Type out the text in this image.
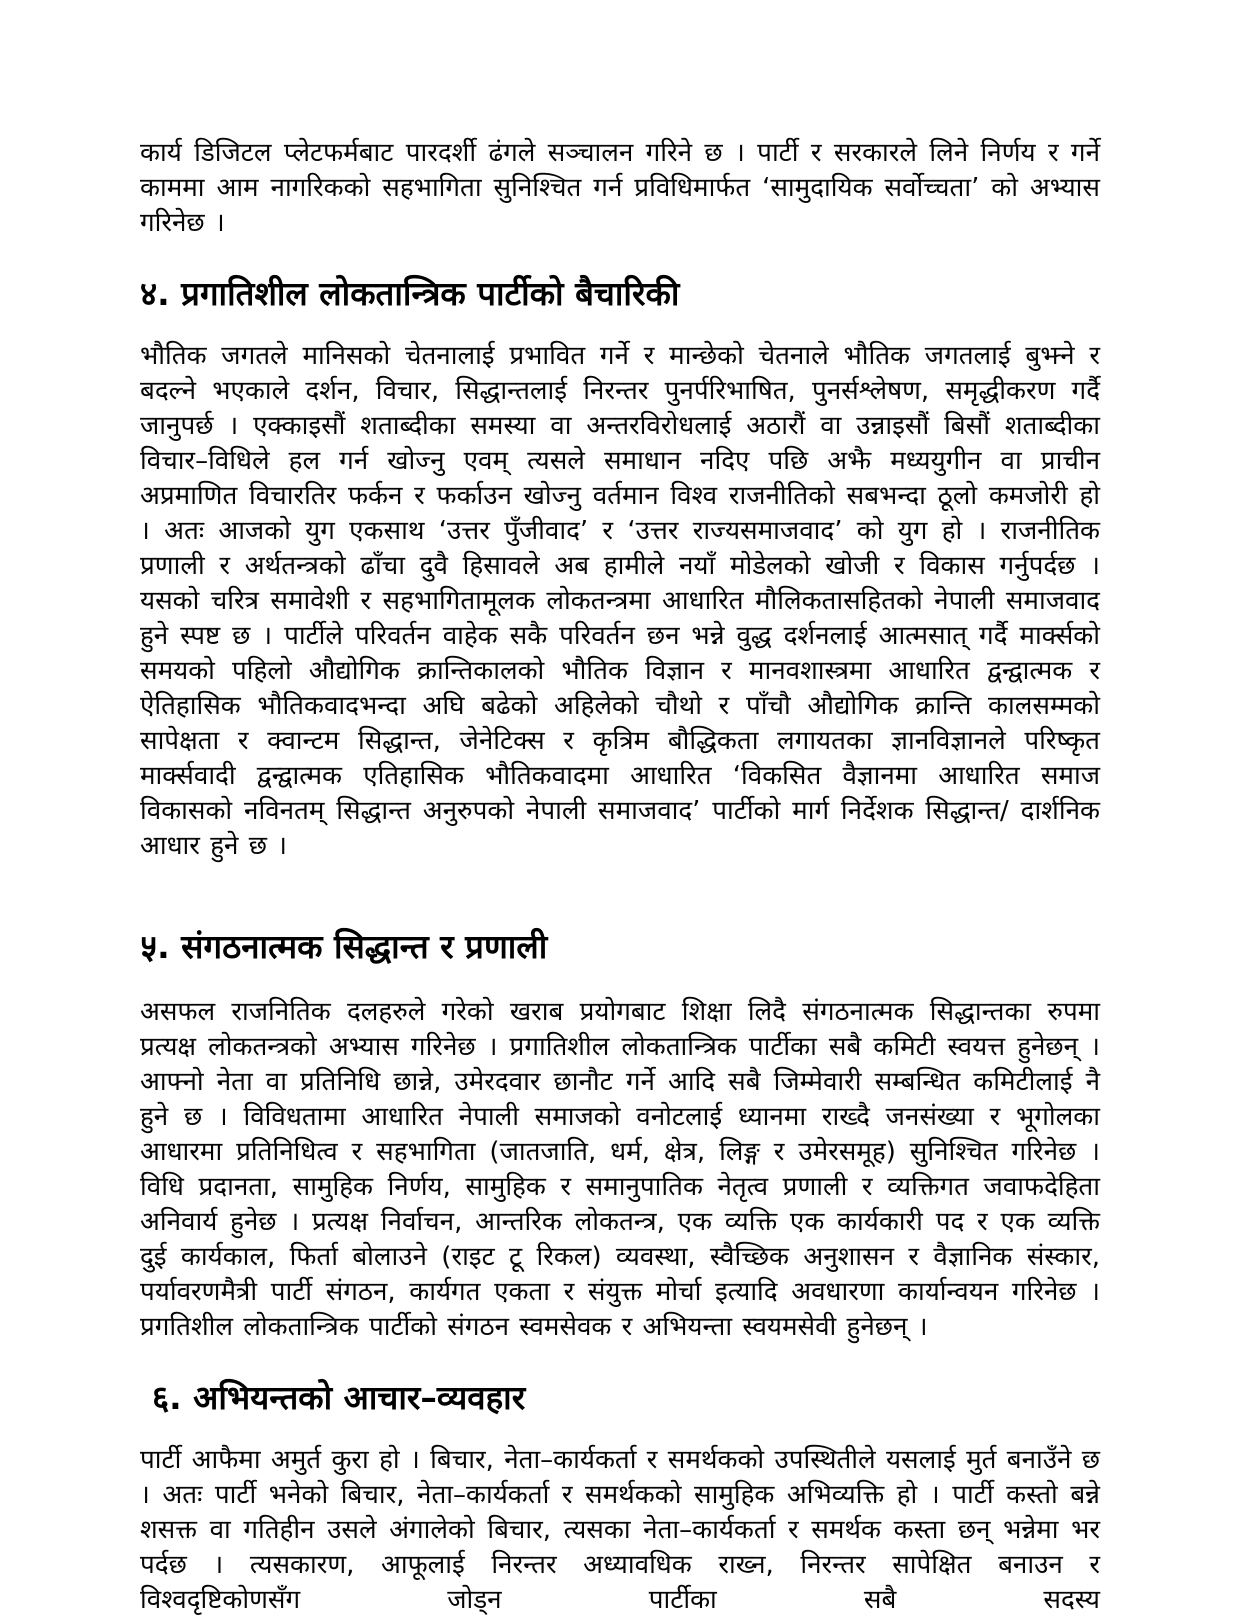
कार्य डिजिटल प्लेटफर्मबाट पारदर्शी ढंगले सञ्चालन गरिने छ । पार्टी र सरकारले लिने निर्णय र गर्ने काममा आम नागरिकको सहभागिता सुनिश्चित गर्न प्रविधिमार्फत ‘सामुदायिक सर्वोच्चता’ को अभ्यास गरिनेछ ।

४. प्रगातिशील लोकतान्त्रिक पार्टीको बैचारिकी

भौतिक जगतले मानिसको चेतनालाई प्रभावित गर्ने र मान्छेको चेतनाले भौतिक जगतलाई बुझ्ने र बदल्ने भएकाले दर्शन, विचार, सिद्धान्तलाई निरन्तर पुनर्परिभाषित, पुनर्सश्लेषण, समृद्धीकरण गर्दै जानुपर्छ । एक्काइसौं शताब्दीका समस्या वा अन्तरविरोधलाई अठारौं वा उन्नाइसौं बिसौं शताब्दीका विचार–विधिले हल गर्न खोज्नु एवम् त्यसले समाधान नदिए पछि अझै मध्ययुगीन वा प्राचीन अप्रमाणित विचारतिर फर्कन र फर्काउन खोज्नु वर्तमान विश्व राजनीतिको सबभन्दा ठूलो कमजोरी हो । अतः आजको युग एकसाथ ‘उत्तर पुँजीवाद’ र ‘उत्तर राज्यसमाजवाद’ को युग हो । राजनीतिक प्रणाली र अर्थतन्त्रको ढाँचा दुवै हिसावले अब हामीले नयाँ मोडेलको खोजी र विकास गर्नुपर्दछ । यसको चरित्र समावेशी र सहभागितामूलक लोकतन्त्रमा आधारित मौलिकतासहितको नेपाली समाजवाद हुने स्पष्ट छ । पार्टीले परिवर्तन वाहेक सकै परिवर्तन छन भन्ने वुद्ध दर्शनलाई आत्मसात् गर्दै मार्क्सको समयको पहिलो औद्योगिक क्रान्तिकालको भौतिक विज्ञान र मानवशास्त्रमा आधारित द्वन्द्वात्मक र ऐतिहासिक भौतिकवादभन्दा अघि बढेको अहिलेको चौथो र पाँचौ औद्योगिक क्रान्ति कालसम्मको सापेक्षता र क्वान्टम सिद्धान्त, जेनेटिक्स र कृत्रिम बौद्धिकता लगायतका ज्ञानविज्ञानले परिष्कृत मार्क्सवादी द्वन्द्वात्मक एतिहासिक भौतिकवादमा आधारित ‘विकसित वैज्ञानमा आधारित समाज विकासको नविनतम् सिद्धान्त अनुरुपको नेपाली समाजवाद’ पार्टीको मार्ग निर्देशक सिद्धान्त/ दार्शनिक आधार हुने छ ।

५. संगठनात्मक सिद्धान्त र प्रणाली

असफल राजनितिक दलहरुले गरेको खराब प्रयोगबाट शिक्षा लिदै संगठनात्मक सिद्धान्तका रुपमा प्रत्यक्ष लोकतन्त्रको अभ्यास गरिनेछ । प्रगातिशील लोकतान्त्रिक पार्टीका सबै कमिटी स्वयत्त हुनेछन् । आफ्नो नेता वा प्रतिनिधि छान्ने, उमेरदवार छानौट गर्ने आदि सबै जिम्मेवारी सम्बन्धित कमिटीलाई नै हुने छ । विविधतामा आधारित नेपाली समाजको वनोटलाई ध्यानमा राख्दै जनसंख्या र भूगोलका आधारमा प्रतिनिधित्व र सहभागिता (जातजाति, धर्म, क्षेत्र, लिङ्ग र उमेरसमूह) सुनिश्चित गरिनेछ । विधि प्रदानता, सामुहिक निर्णय, सामुहिक र समानुपातिक नेतृत्व प्रणाली र व्यक्तिगत जवाफदेहिता अनिवार्य हुनेछ । प्रत्यक्ष निर्वाचन, आन्तरिक लोकतन्त्र, एक व्यक्ति एक कार्यकारी पद र एक व्यक्ति दुई कार्यकाल, फिर्ता बोलाउने (राइट टू रिकल) व्यवस्था, स्वैच्छिक अनुशासन र वैज्ञानिक संस्कार, पर्यावरणमैत्री पार्टी संगठन, कार्यगत एकता र संयुक्त मोर्चा इत्यादि अवधारणा कार्यान्वयन गरिनेछ । प्रगतिशील लोकतान्त्रिक पार्टीको संगठन स्वमसेवक र अभियन्ता स्वयमसेवी हुनेछन् ।

६. अभियन्तको आचार–व्यवहार

पार्टी आफैमा अमुर्त कुरा हो । बिचार, नेता–कार्यकर्ता र समर्थकको उपस्थितीले यसलाई मुर्त बनाउँने छ । अतः पार्टी भनेको बिचार, नेता–कार्यकर्ता र समर्थकको सामुहिक अभिव्यक्ति हो । पार्टी कस्तो बन्ने शसक्त वा गतिहीन उसले अंगालेको बिचार, त्यसका नेता–कार्यकर्ता र समर्थक कस्ता छन् भन्नेमा भर पर्दछ । त्यसकारण, आफूलाई निरन्तर अध्यावधिक राख्न, निरन्तर सापेक्षित बनाउन र विश्वदृष्टिकोणसँग जोड्न पार्टीका सबै सदस्य
